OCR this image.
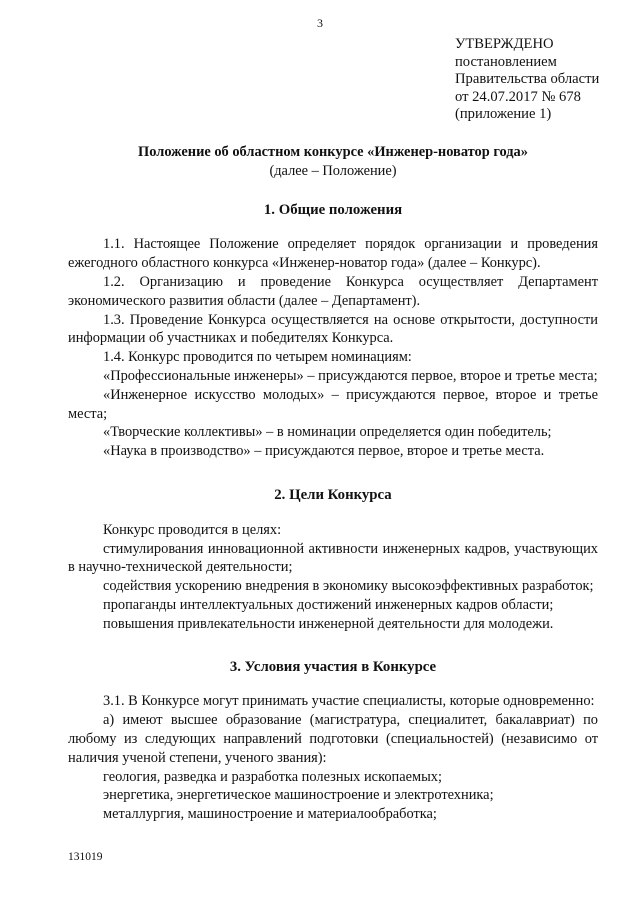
3
УТВЕРЖДЕНО
постановлением
Правительства области
от 24.07.2017 № 678
(приложение 1)
Положение об областном конкурсе «Инженер-новатор года»
(далее – Положение)
1. Общие положения

1.1. Настоящее Положение определяет порядок организации и проведения ежегодного областного конкурса «Инженер-новатор года» (далее – Конкурс).

1.2. Организацию и проведение Конкурса осуществляет Департамент экономического развития области (далее – Департамент).

1.3. Проведение Конкурса осуществляется на основе открытости, доступности информации об участниках и победителях Конкурса.

1.4. Конкурс проводится по четырем номинациям:

«Профессиональные инженеры» – присуждаются первое, второе и третье места;

«Инженерное искусство молодых» – присуждаются первое, второе и третье места;

«Творческие коллективы» – в номинации определяется один победитель;

«Наука в производство» – присуждаются первое, второе и третье места.

2. Цели Конкурса

Конкурс проводится в целях:

стимулирования инновационной активности инженерных кадров, участвующих в научно-технической деятельности;

содействия ускорению внедрения в экономику высокоэффективных разработок;

пропаганды интеллектуальных достижений инженерных кадров области;

повышения привлекательности инженерной деятельности для молодежи.

3. Условия участия в Конкурсе

3.1. В Конкурсе могут принимать участие специалисты, которые одновременно:

а) имеют высшее образование (магистратура, специалитет, бакалавриат) по любому из следующих направлений подготовки (специальностей) (независимо от наличия ученой степени, ученого звания):

геология, разведка и разработка полезных ископаемых;

энергетика, энергетическое машиностроение и электротехника;

металлургия, машиностроение и материалообработка;

131019
